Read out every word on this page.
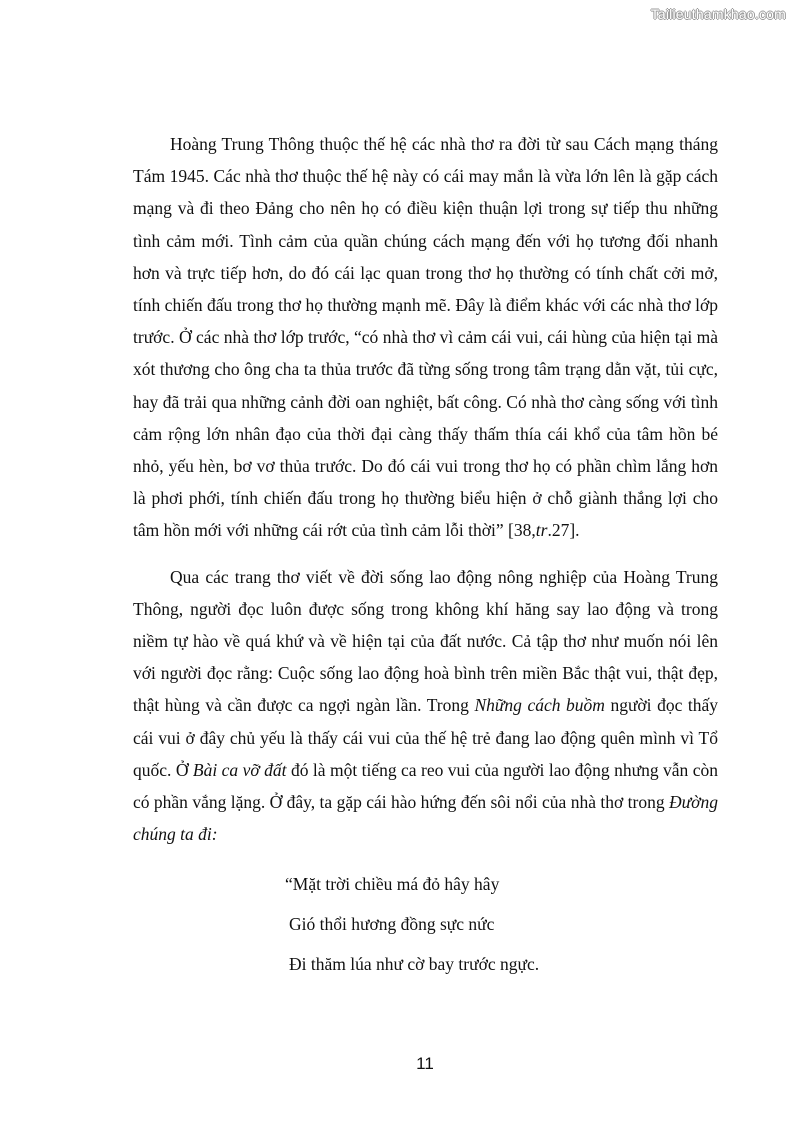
Tailieuthamkhao.com

Hoàng Trung Thông thuộc thế hệ các nhà thơ ra đời từ sau Cách mạng tháng Tám 1945. Các nhà thơ thuộc thế hệ này có cái may mắn là vừa lớn lên là gặp cách mạng và đi theo Đảng cho nên họ có điều kiện thuận lợi trong sự tiếp thu những tình cảm mới. Tình cảm của quần chúng cách mạng đến với họ tương đối nhanh hơn và trực tiếp hơn, do đó cái lạc quan trong thơ họ thường có tính chất cởi mở, tính chiến đấu trong thơ họ thường mạnh mẽ. Đây là điểm khác với các nhà thơ lớp trước. Ở các nhà thơ lớp trước, “có nhà thơ vì cảm cái vui, cái hùng của hiện tại mà xót thương cho ông cha ta thủa trước đã từng sống trong tâm trạng dằn vặt, tủi cực, hay đã trải qua những cảnh đời oan nghiệt, bất công. Có nhà thơ càng sống với tình cảm rộng lớn nhân đạo của thời đại càng thấy thấm thía cái khổ của tâm hồn bé nhỏ, yếu hèn, bơ vơ thủa trước. Do đó cái vui trong thơ họ có phần chìm lắng hơn là phơi phới, tính chiến đấu trong họ thường biểu hiện ở chỗ giành thắng lợi cho tâm hồn mới với những cái rớt của tình cảm lỗi thời” [38,tr.27].

Qua các trang thơ viết về đời sống lao động nông nghiệp của Hoàng Trung Thông, người đọc luôn được sống trong không khí hăng say lao động và trong niềm tự hào về quá khứ và về hiện tại của đất nước. Cả tập thơ như muốn nói lên với người đọc rằng: Cuộc sống lao động hoà bình trên miền Bắc thật vui, thật đẹp, thật hùng và cần được ca ngợi ngàn lần. Trong Những cách buồm người đọc thấy cái vui ở đây chủ yếu là thấy cái vui của thế hệ trẻ đang lao động quên mình vì Tổ quốc. Ở Bài ca vỡ đất đó là một tiếng ca reo vui của người lao động nhưng vẫn còn có phần vắng lặng. Ở đây, ta gặp cái hào hứng đến sôi nổi của nhà thơ trong Đường chúng ta đi:

“Mặt trời chiều má đỏ hây hây
Gió thổi hương đồng sực nức
Đi thăm lúa như cờ bay trước ngực.
11
